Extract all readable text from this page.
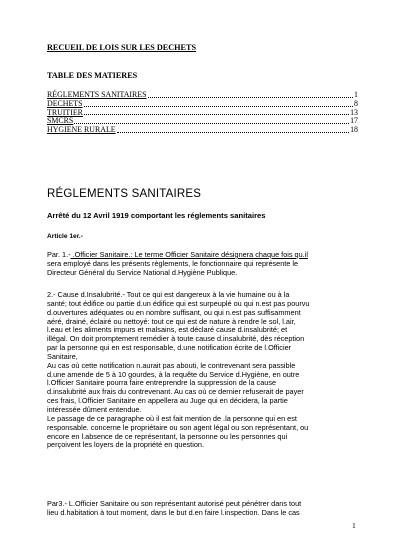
RECUEIL DE LOIS SUR LES DECHETS
TABLE DES MATIERES
RÉGLEMENTS SANITAIRES	1
DECHETS	8
TRUITIER	13
SMCRS	17
HYGIENE RURALE	18
RÉGLEMENTS SANITAIRES
Arrêté du 12 Avril 1919 comportant les réglements sanitaires
Article 1er.-
Par. 1.- .Officier Sanitaire.: Le terme Officier Sanitaire désignera chaque fois qu.il
sera employé dans les présents règlements, le fonctionnaire qui représente le
Directeur Général du Service National d.Hygiène Publique.
2.- Cause d.Insalubrité.- Tout ce qui est dangereux à la vie humaine ou à la
santé; tout édifice ou partie d.un édifice qui est surpeuplé ou qui n.est pas pourvu
d.ouvertures adéquates ou en nombre suffisant, ou qui n.est pas suffisamment
aéré, drainé, éclairé ou nettoyé: tout ce qui est de nature à rendre le sol, l.air,
l.eau et les aliments impurs et malsains, est déclaré cause d.insalubrité; et
illégal. On doit promptement remédier à toute cause d.insalubrité, dès réception
par la personne qui en est responsable, d.une notification écrite de l.Officier
Sanitaire,
Au cas où cette notification n.aurait pas abouti, le contrevenant sera passible
d.une amende de 5 à 10 gourdes, à la requête du Service d.Hygiène, en outre
l.Officier Sanitaire pourra faire entreprendre la suppression de la cause
d.insalubrité aux frais du contrevenant. Au cas où ce dernier refuserait de payer
ces frais, l.Officier Sanitaire en appellera au Juge qui en décidera, la partie
intéressée dûment entendue.
Le passage de ce paragraphe où il est fait mention de .la personne qui en est
responsable. concerne le propriétaire ou son agent légal ou son représentant, ou
encore en l.absence de ce représentant, la personne ou les personnes qui
perçoivent les loyers de la propriété en question.
Par3.- L.Officier Sanitaire ou son représentant autorisé peut pénétrer dans tout
lieu d.habitation à tout moment, dans le but d.en faire l.inspection. Dans le cas
1
